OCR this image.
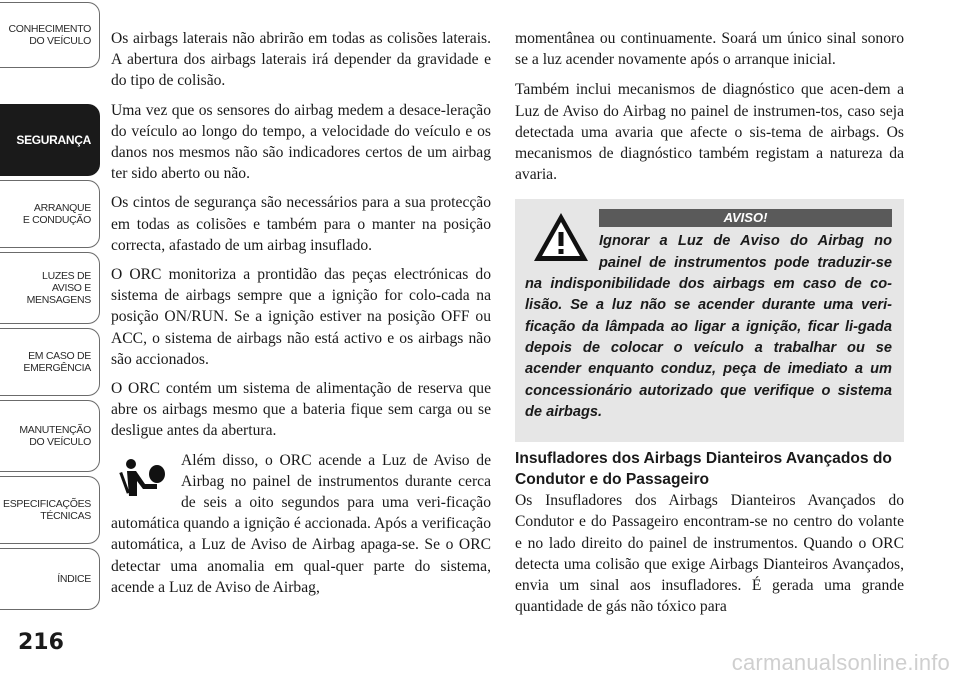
CONHECIMENTO
DO VEÍCULO
SEGURANÇA
ARRANQUE
E CONDUÇÃO
LUZES DE
AVISO E
MENSAGENS
EM CASO DE
EMERGÊNCIA
MANUTENÇÃO
DO VEÍCULO
ESPECIFICAÇÕES
TÉCNICAS
ÍNDICE
216

Os airbags laterais não abrirão em todas as colisões laterais. A abertura dos airbags laterais irá depender da gravidade e do tipo de colisão.

Uma vez que os sensores do airbag medem a desace-leração do veículo ao longo do tempo, a velocidade do veículo e os danos nos mesmos não são indicadores certos de um airbag ter sido aberto ou não.

Os cintos de segurança são necessários para a sua protecção em todas as colisões e também para o manter na posição correcta, afastado de um airbag insuflado.

O ORC monitoriza a prontidão das peças electrónicas do sistema de airbags sempre que a ignição for colo-cada na posição ON/RUN. Se a ignição estiver na posição OFF ou ACC, o sistema de airbags não está activo e os airbags não são accionados.

O ORC contém um sistema de alimentação de reserva que abre os airbags mesmo que a bateria fique sem carga ou se desligue antes da abertura.

Além disso, o ORC acende a Luz de Aviso de Airbag no painel de instrumentos durante cerca de seis a oito segundos para uma veri-ficação automática quando a ignição é accionada. Após a verificação automática, a Luz de Aviso de Airbag apaga-se. Se o ORC detectar uma anomalia em qual-quer parte do sistema, acende a Luz de Aviso de Airbag,

momentânea ou continuamente. Soará um único sinal sonoro se a luz acender novamente após o arranque inicial.

Também inclui mecanismos de diagnóstico que acen-dem a Luz de Aviso do Airbag no painel de instrumen-tos, caso seja detectada uma avaria que afecte o sis-tema de airbags. Os mecanismos de diagnóstico também registam a natureza da avaria.

AVISO!

Ignorar a Luz de Aviso do Airbag no painel de instrumentos pode traduzir-se na indisponibilidade dos airbags em caso de co-lisão. Se a luz não se acender durante uma veri-ficação da lâmpada ao ligar a ignição, ficar li-gada depois de colocar o veículo a trabalhar ou se acender enquanto conduz, peça de imediato a um concessionário autorizado que verifique o sistema de airbags.

Insufladores dos Airbags Dianteiros Avançados do Condutor e do Passageiro

Os Insufladores dos Airbags Dianteiros Avançados do Condutor e do Passageiro encontram-se no centro do volante e no lado direito do painel de instrumentos. Quando o ORC detecta uma colisão que exige Airbags Dianteiros Avançados, envia um sinal aos insufladores. É gerada uma grande quantidade de gás não tóxico para

carmanualsonline.info
